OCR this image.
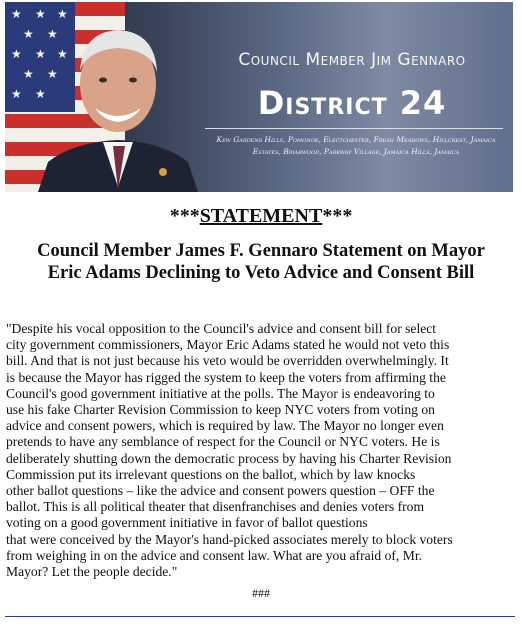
★ ★ ★
★ ★
★ ★ ★
★ ★
★ ★
Council Member Jim Gennaro
District 24
Kew Gardens Hills, Pomonok, Electchester, Fresh Meadows, Hillcrest, Jamaica Estates, Briarwood, Parkway Village, Jamaica Hills, Jamaica
***STATEMENT***
Council Member James F. Gennaro Statement on Mayor Eric Adams Declining to Veto Advice and Consent Bill

"Despite his vocal opposition to the Council's advice and consent bill for select
city government commissioners, Mayor Eric Adams stated he would not veto this
bill. And that is not just because his veto would be overridden overwhelmingly. It
is because the Mayor has rigged the system to keep the voters from affirming the
Council's good government initiative at the polls. The Mayor is endeavoring to
use his fake Charter Revision Commission to keep NYC voters from voting on
advice and consent powers, which is required by law. The Mayor no longer even
pretends to have any semblance of respect for the Council or NYC voters. He is
deliberately shutting down the democratic process by having his Charter Revision
Commission put its irrelevant questions on the ballot, which by law knocks
other ballot questions – like the advice and consent powers question – OFF the
ballot. This is all political theater that disenfranchises and denies voters from
voting on a good government initiative in favor of ballot questions
that were conceived by the Mayor's hand-picked associates merely to block voters
from weighing in on the advice and consent law. What are you afraid of, Mr.
Mayor? Let the people decide."

###
